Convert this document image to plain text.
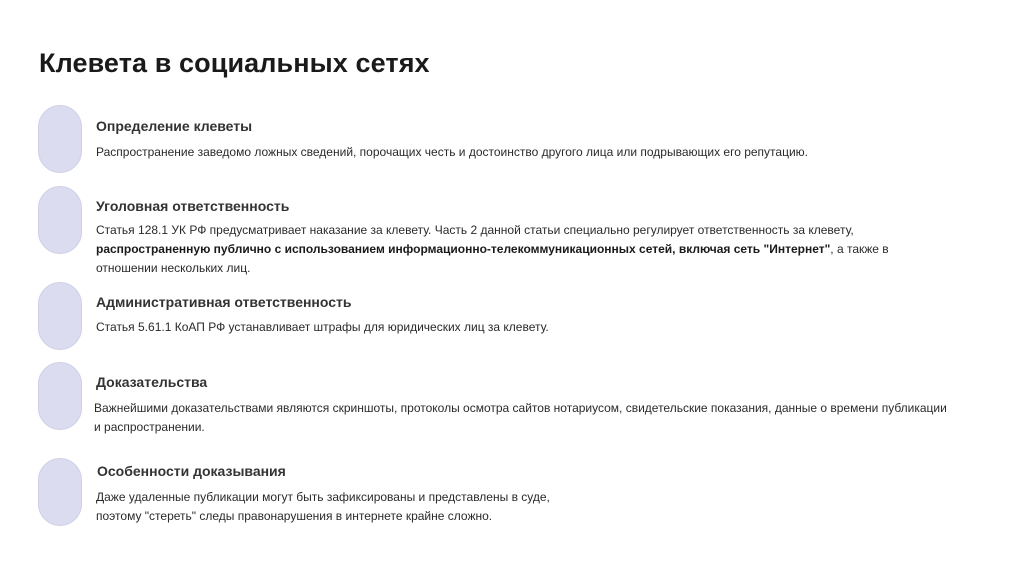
Клевета в социальных сетях
Определение клеветы

Распространение заведомо ложных сведений, порочащих честь и достоинство другого лица или подрывающих его репутацию.

Уголовная ответственность

Статья 128.1 УК РФ предусматривает наказание за клевету. Часть 2 данной статьи специально регулирует ответственность за клевету,
распространенную публично с использованием информационно-телекоммуникационных сетей, включая сеть "Интернет", а также в
отношении нескольких лиц.

Административная ответственность

Статья 5.61.1 КоАП РФ устанавливает штрафы для юридических лиц за клевету.

Доказательства

Важнейшими доказательствами являются скриншоты, протоколы осмотра сайтов нотариусом, свидетельские показания, данные о времени публикации
и распространении.

Особенности доказывания

Даже удаленные публикации могут быть зафиксированы и представлены в суде,
поэтому "стереть" следы правонарушения в интернете крайне сложно.
